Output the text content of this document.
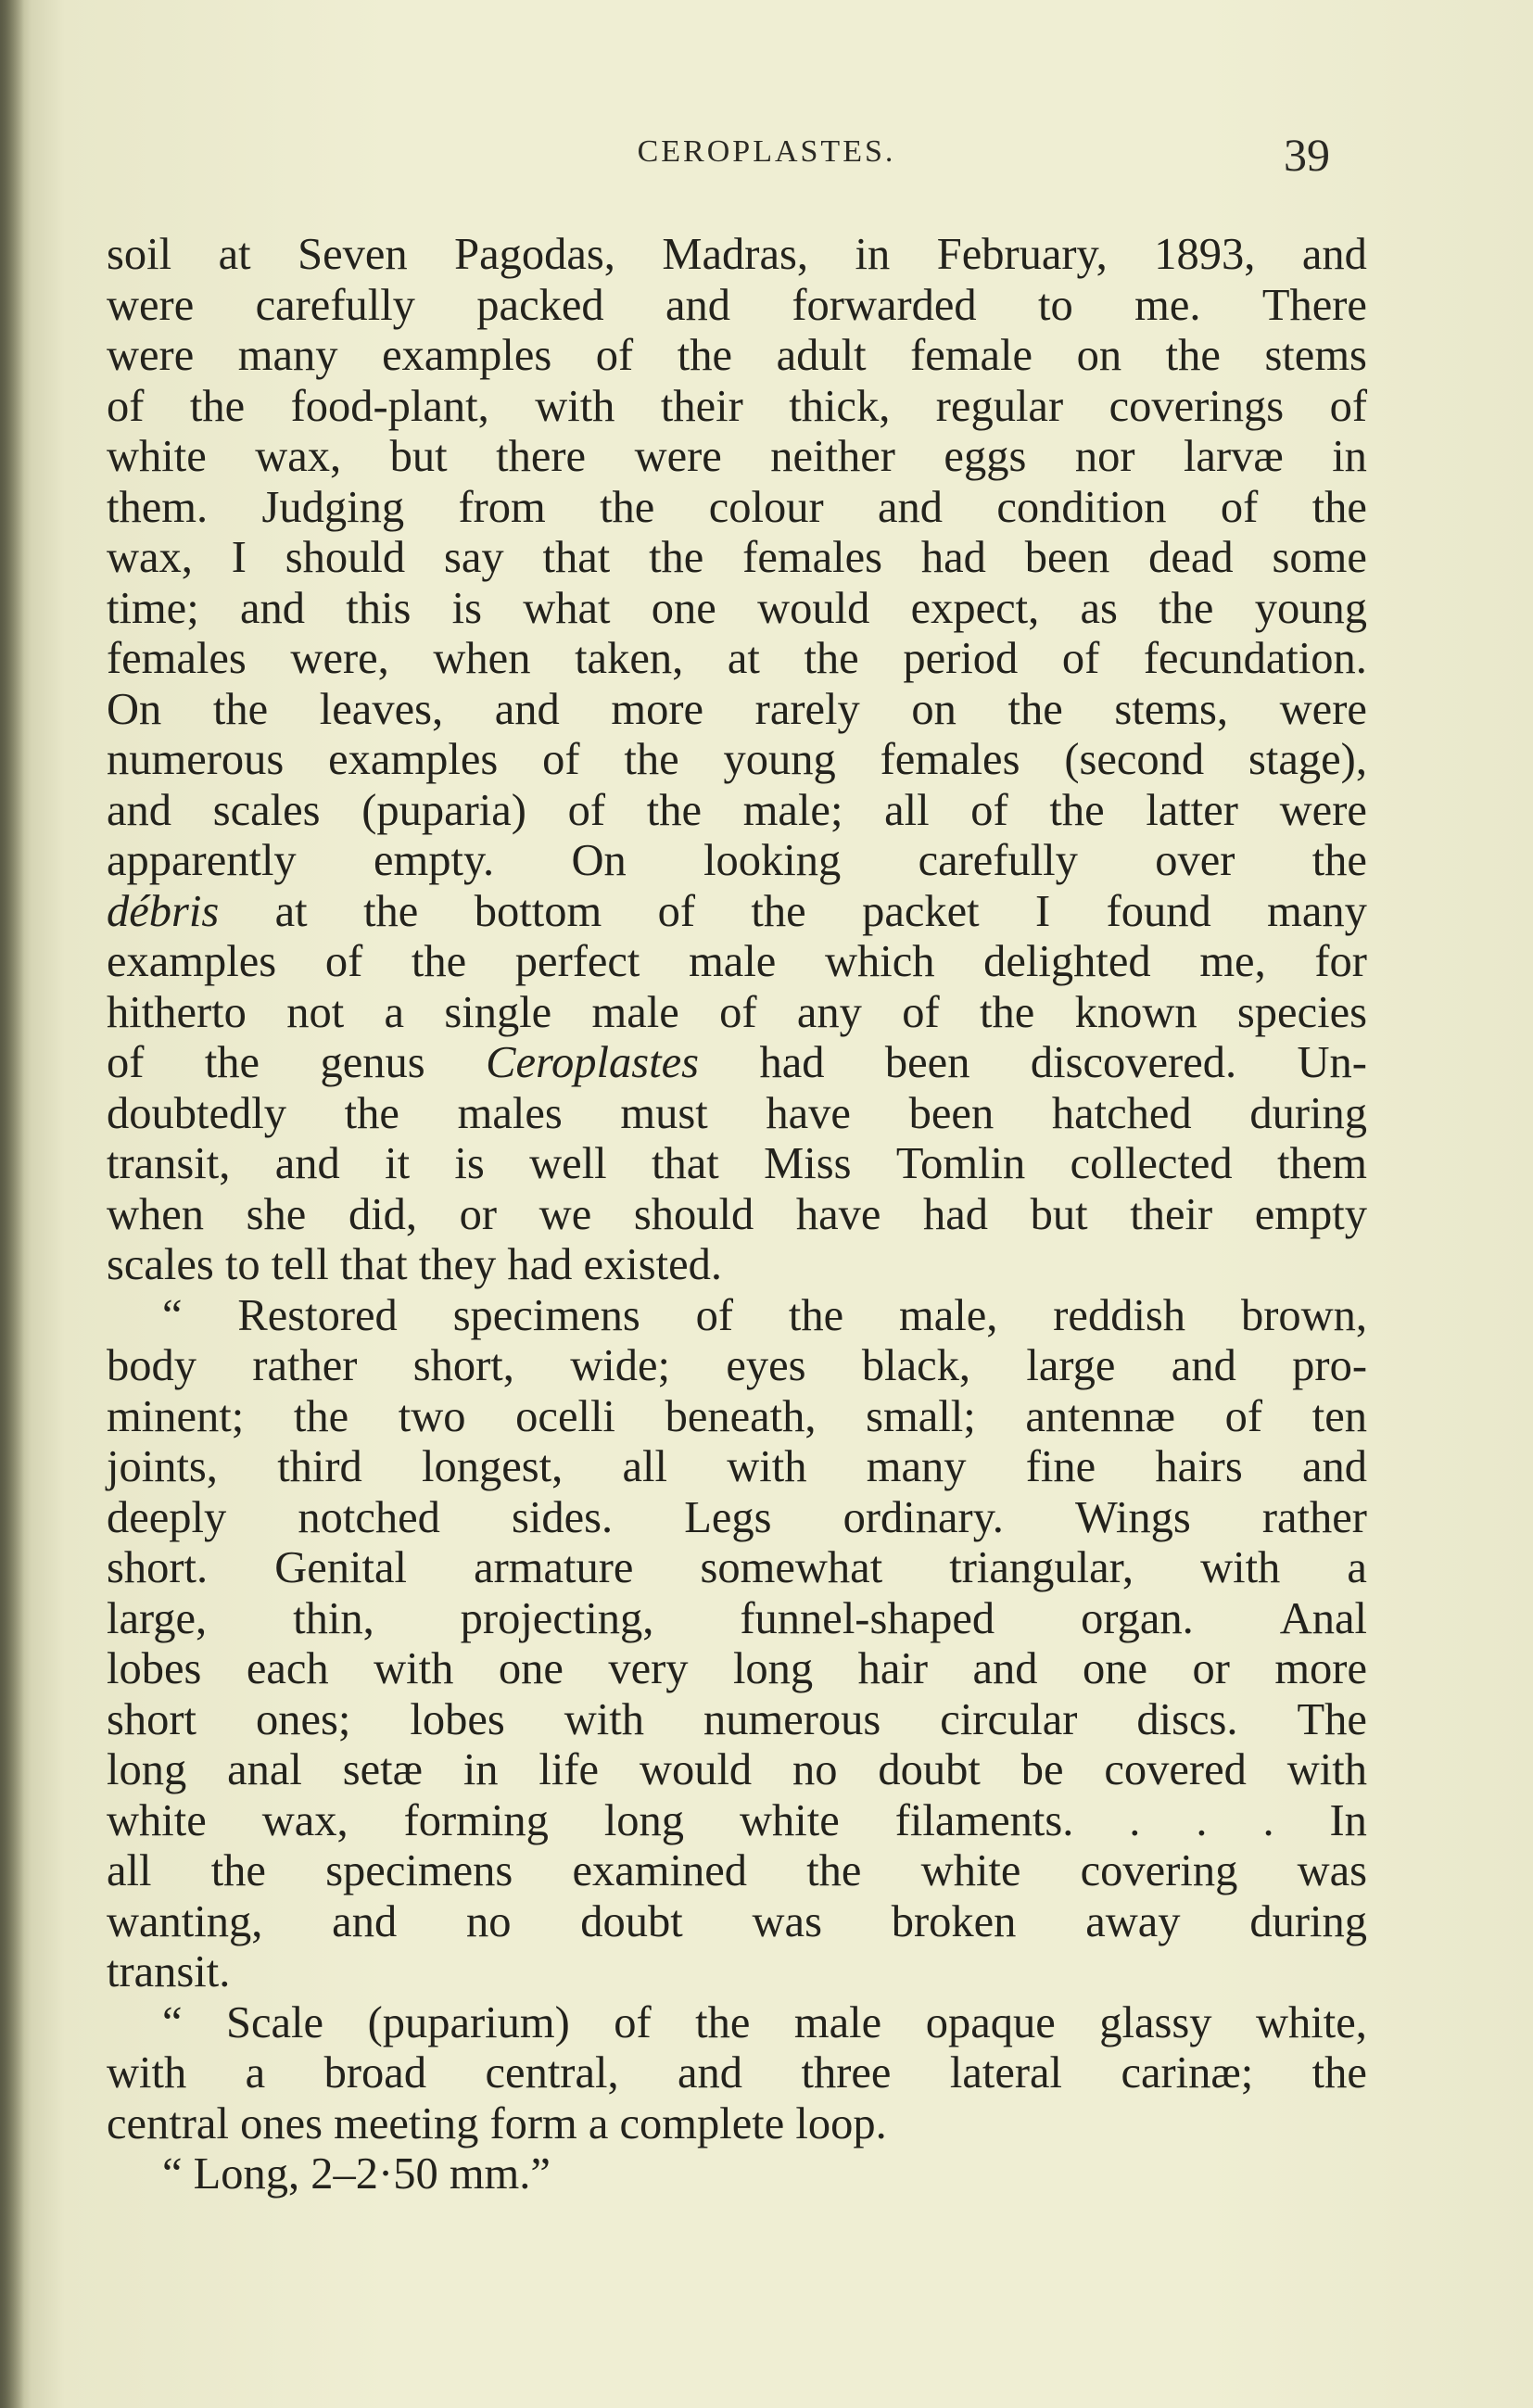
CEROPLASTES.	39
soil at Seven Pagodas, Madras, in February, 1893, and
were carefully packed and forwarded to me. There
were many examples of the adult female on the stems
of the food-plant, with their thick, regular coverings of
white wax, but there were neither eggs nor larvæ in
them. Judging from the colour and condition of the
wax, I should say that the females had been dead some
time; and this is what one would expect, as the young
females were, when taken, at the period of fecundation.
On the leaves, and more rarely on the stems, were
numerous examples of the young females (second stage),
and scales (puparia) of the male; all of the latter were
apparently empty. On looking carefully over the
débris at the bottom of the packet I found many
examples of the perfect male which delighted me, for
hitherto not a single male of any of the known species
of the genus Ceroplastes had been discovered. Un-
doubtedly the males must have been hatched during
transit, and it is well that Miss Tomlin collected them
when she did, or we should have had but their empty
scales to tell that they had existed.
“ Restored specimens of the male, reddish brown,
body rather short, wide; eyes black, large and pro-
minent; the two ocelli beneath, small; antennæ of ten
joints, third longest, all with many fine hairs and
deeply notched sides. Legs ordinary. Wings rather
short. Genital armature somewhat triangular, with a
large, thin, projecting, funnel-shaped organ. Anal
lobes each with one very long hair and one or more
short ones; lobes with numerous circular discs. The
long anal setæ in life would no doubt be covered with
white wax, forming long white filaments. . . . In
all the specimens examined the white covering was
wanting, and no doubt was broken away during
transit.
“ Scale (puparium) of the male opaque glassy white,
with a broad central, and three lateral carinæ; the
central ones meeting form a complete loop.
“ Long, 2–2·50 mm.”
